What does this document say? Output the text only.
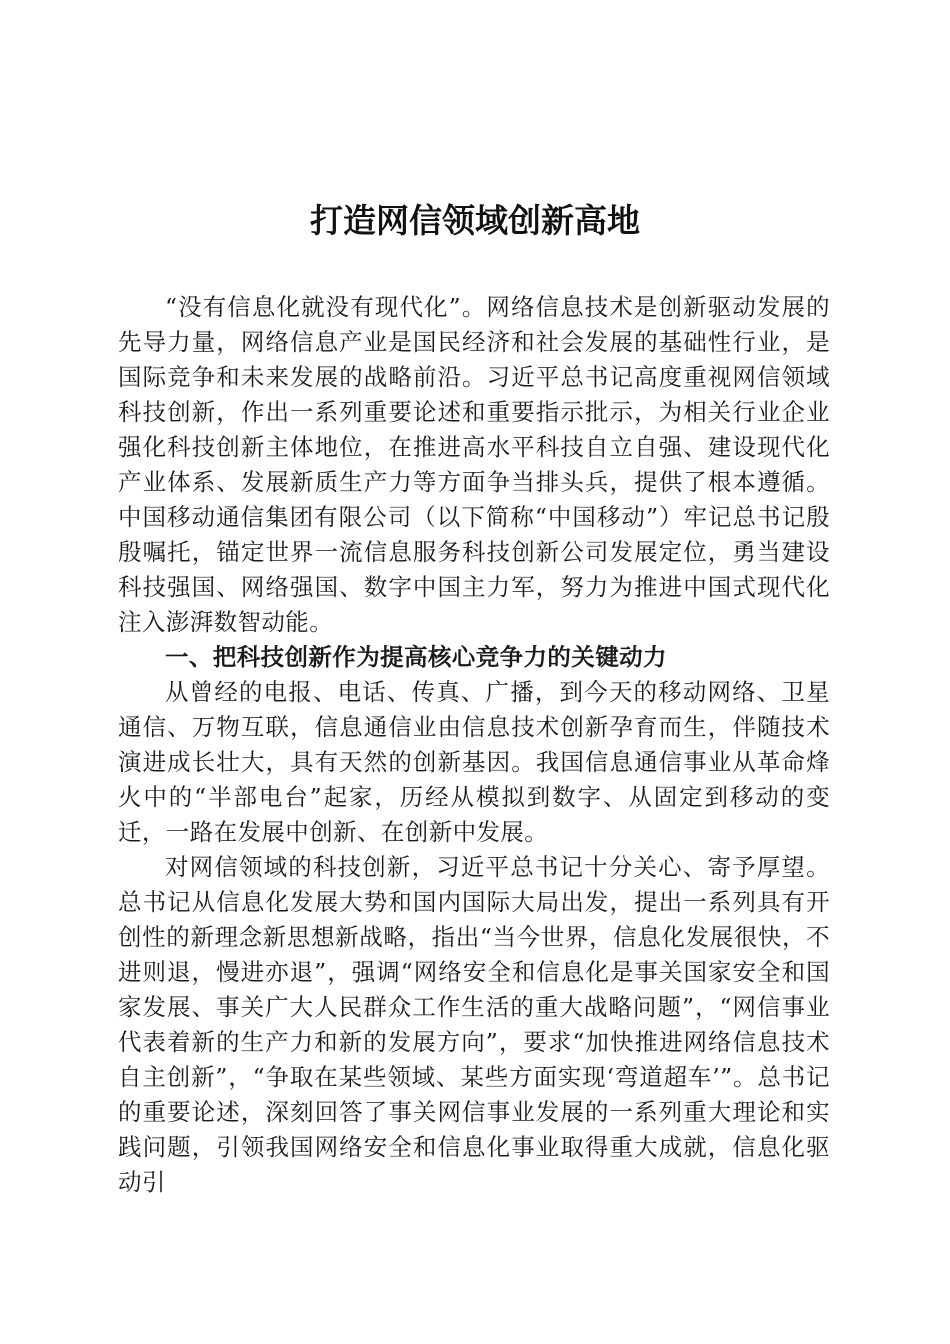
打造网信领域创新高地

“没有信息化就没有现代化”。网络信息技术是创新驱动发展的先导力量，网络信息产业是国民经济和社会发展的基础性行业，是国际竞争和未来发展的战略前沿。习近平总书记高度重视网信领域科技创新，作出一系列重要论述和重要指示批示，为相关行业企业强化科技创新主体地位，在推进高水平科技自立自强、建设现代化产业体系、发展新质生产力等方面争当排头兵，提供了根本遵循。中国移动通信集团有限公司（以下简称“中国移动”）牢记总书记殷殷嘱托，锚定世界一流信息服务科技创新公司发展定位，勇当建设科技强国、网络强国、数字中国主力军，努力为推进中国式现代化注入澎湃数智动能。

一、把科技创新作为提高核心竞争力的关键动力

从曾经的电报、电话、传真、广播，到今天的移动网络、卫星通信、万物互联，信息通信业由信息技术创新孕育而生，伴随技术演进成长壮大，具有天然的创新基因。我国信息通信事业从革命烽火中的“半部电台”起家，历经从模拟到数字、从固定到移动的变迁，一路在发展中创新、在创新中发展。

对网信领域的科技创新，习近平总书记十分关心、寄予厚望。总书记从信息化发展大势和国内国际大局出发，提出一系列具有开创性的新理念新思想新战略，指出“当今世界，信息化发展很快，不进则退，慢进亦退”，强调“网络安全和信息化是事关国家安全和国家发展、事关广大人民群众工作生活的重大战略问题”，“网信事业代表着新的生产力和新的发展方向”，要求“加快推进网络信息技术自主创新”，“争取在某些领域、某些方面实现‘弯道超车’”。总书记的重要论述，深刻回答了事关网信事业发展的一系列重大理论和实践问题，引领我国网络安全和信息化事业取得重大成就，信息化驱动引
